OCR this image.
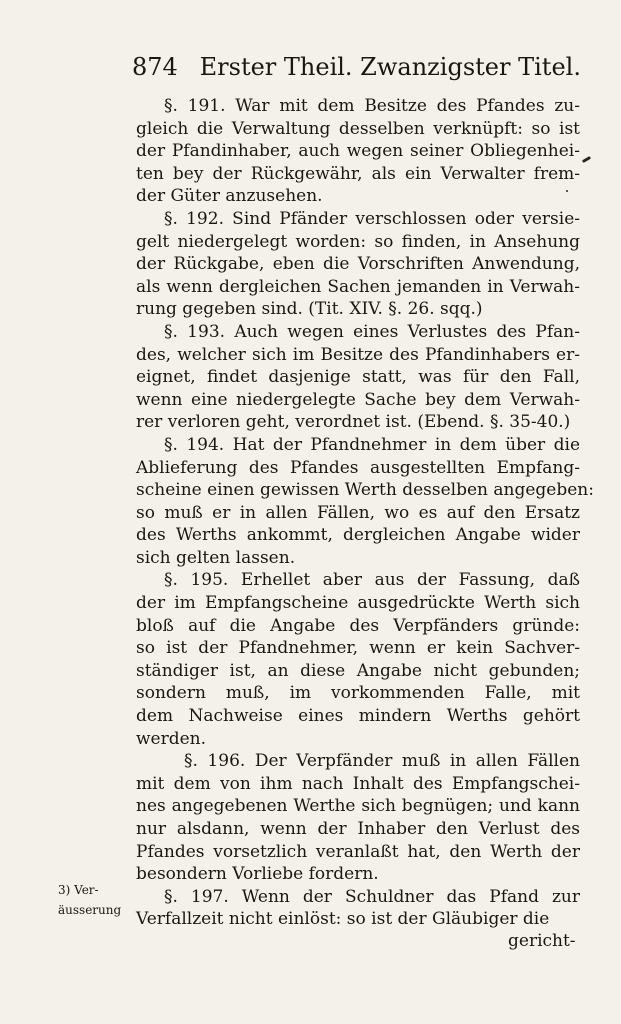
874 Erster Theil. Zwanzigster Titel.
§. 191. War mit dem Besitze des Pfandes zu-
gleich die Verwaltung desselben verknüpft: so ist
der Pfandinhaber, auch wegen seiner Obliegenhei-
ten bey der Rückgewähr, als ein Verwalter frem-
der Güter anzusehen.
§. 192. Sind Pfänder verschlossen oder versie-
gelt niedergelegt worden: so finden, in Ansehung
der Rückgabe, eben die Vorschriften Anwendung,
als wenn dergleichen Sachen jemanden in Verwah-
rung gegeben sind. (Tit. XIV. §. 26. sqq.)
§. 193. Auch wegen eines Verlustes des Pfan-
des, welcher sich im Besitze des Pfandinhabers er-
eignet, findet dasjenige statt, was für den Fall,
wenn eine niedergelegte Sache bey dem Verwah-
rer verloren geht, verordnet ist. (Ebend. §. 35-40.)
§. 194. Hat der Pfandnehmer in dem über die
Ablieferung des Pfandes ausgestellten Empfang-
scheine einen gewissen Werth desselben angegeben:
so muß er in allen Fällen, wo es auf den Ersatz
des Werths ankommt, dergleichen Angabe wider
sich gelten lassen.
§. 195. Erhellet aber aus der Fassung, daß
der im Empfangscheine ausgedrückte Werth sich
bloß auf die Angabe des Verpfänders gründe:
so ist der Pfandnehmer, wenn er kein Sachver-
ständiger ist, an diese Angabe nicht gebunden;
sondern muß, im vorkommenden Falle, mit
dem Nachweise eines mindern Werths gehört
werden.
§. 196. Der Verpfänder muß in allen Fällen
mit dem von ihm nach Inhalt des Empfangschei-
nes angegebenen Werthe sich begnügen; und kann
nur alsdann, wenn der Inhaber den Verlust des
Pfandes vorsetzlich veranlaßt hat, den Werth der
besondern Vorliebe fordern.
§. 197. Wenn der Schuldner das Pfand zur
Verfallzeit nicht einlöst: so ist der Gläubiger die
3) Ver-
äusserung
gericht-
